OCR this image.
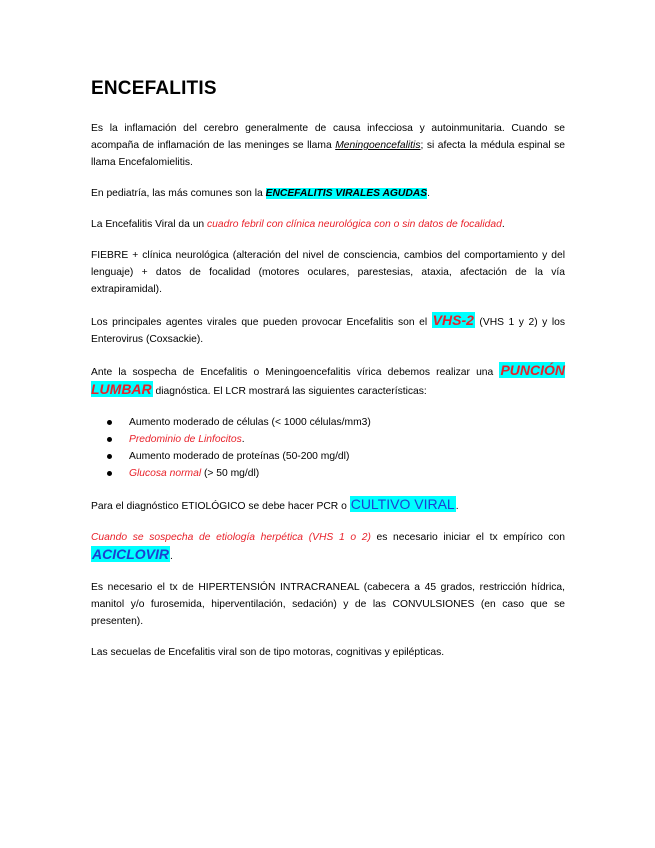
ENCEFALITIS

Es la inflamación del cerebro generalmente de causa infecciosa y autoinmunitaria. Cuando se acompaña de inflamación de las meninges se llama Meningoencefalitis; si afecta la médula espinal se llama Encefalomielitis.

En pediatría, las más comunes son la ENCEFALITIS VIRALES AGUDAS.

La Encefalitis Viral da un cuadro febril con clínica neurológica con o sin datos de focalidad.

FIEBRE + clínica neurológica (alteración del nivel de consciencia, cambios del comportamiento y del lenguaje) + datos de focalidad (motores oculares, parestesias, ataxia, afectación de la vía extrapiramidal).

Los principales agentes virales que pueden provocar Encefalitis son el VHS-2 (VHS 1 y 2) y los Enterovirus (Coxsackie).

Ante la sospecha de Encefalitis o Meningoencefalitis vírica debemos realizar una PUNCIÓN LUMBAR diagnóstica. El LCR mostrará las siguientes características:

Aumento moderado de células (< 1000 células/mm3)
Predominio de Linfocitos.
Aumento moderado de proteínas (50-200 mg/dl)
Glucosa normal (> 50 mg/dl)

Para el diagnóstico ETIOLÓGICO se debe hacer PCR o CULTIVO VIRAL.

Cuando se sospecha de etiología herpética (VHS 1 o 2) es necesario iniciar el tx empírico con ACICLOVIR.

Es necesario el tx de HIPERTENSIÓN INTRACRANEAL (cabecera a 45 grados, restricción hídrica, manitol y/o furosemida, hiperventilación, sedación) y de las CONVULSIONES (en caso que se presenten).

Las secuelas de Encefalitis viral son de tipo motoras, cognitivas y epilépticas.
